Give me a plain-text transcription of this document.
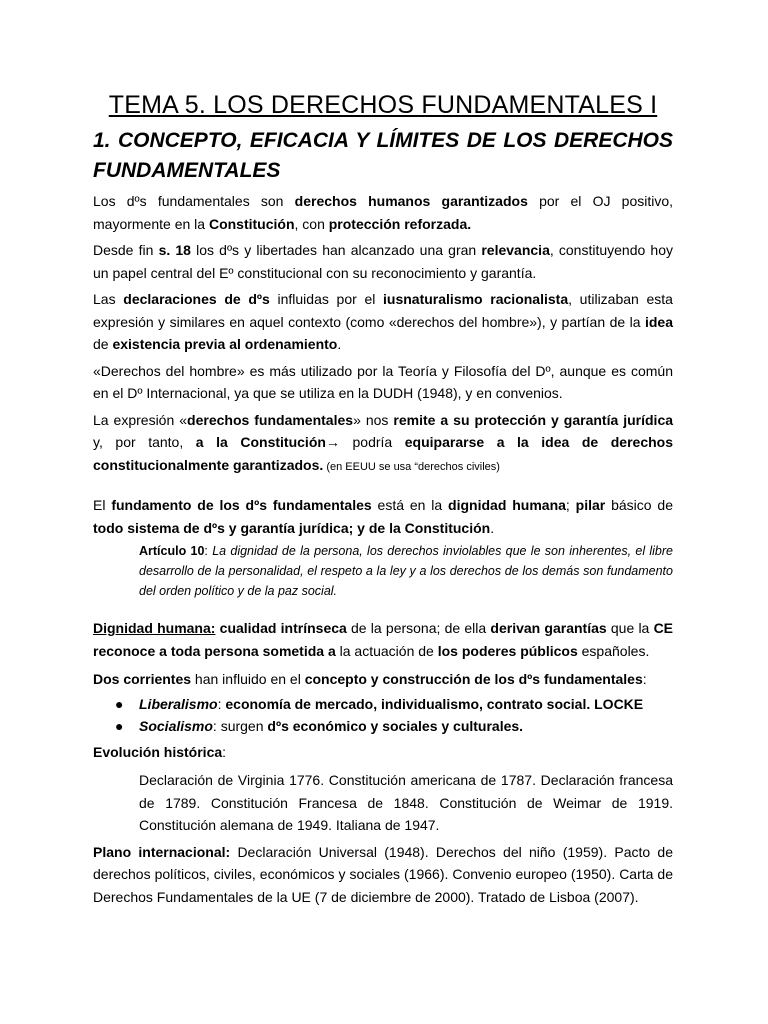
TEMA 5. LOS DERECHOS FUNDAMENTALES I
1. CONCEPTO, EFICACIA Y LÍMITES DE LOS DERECHOS FUNDAMENTALES

Los dºs fundamentales son derechos humanos garantizados por el OJ positivo, mayormente en la Constitución, con protección reforzada.

Desde fin s. 18 los dºs y libertades han alcanzado una gran relevancia, constituyendo hoy un papel central del Eº constitucional con su reconocimiento y garantía.

Las declaraciones de dºs influidas por el iusnaturalismo racionalista, utilizaban esta expresión y similares en aquel contexto (como «derechos del hombre»), y partían de la idea de existencia previa al ordenamiento.

«Derechos del hombre» es más utilizado por la Teoría y Filosofía del Dº, aunque es común en el Dº Internacional, ya que se utiliza en la DUDH (1948), y en convenios.

La expresión «derechos fundamentales» nos remite a su protección y garantía jurídica y, por tanto, a la Constitución→ podría equipararse a la idea de derechos constitucionalmente garantizados. (en EEUU se usa “derechos civiles)

El fundamento de los dºs fundamentales está en la dignidad humana; pilar básico de todo sistema de dºs y garantía jurídica; y de la Constitución.

Artículo 10: La dignidad de la persona, los derechos inviolables que le son inherentes, el libre desarrollo de la personalidad, el respeto a la ley y a los derechos de los demás son fundamento del orden político y de la paz social.

Dignidad humana: cualidad intrínseca de la persona; de ella derivan garantías que la CE reconoce a toda persona sometida a la actuación de los poderes públicos españoles.

Dos corrientes han influido en el concepto y construcción de los dºs fundamentales:

● Liberalismo: economía de mercado, individualismo, contrato social. LOCKE
● Socialismo: surgen dºs económico y sociales y culturales.

Evolución histórica:

Declaración de Virginia 1776. Constitución americana de 1787. Declaración francesa de 1789. Constitución Francesa de 1848. Constitución de Weimar de 1919. Constitución alemana de 1949. Italiana de 1947.

Plano internacional: Declaración Universal (1948). Derechos del niño (1959). Pacto de derechos políticos, civiles, económicos y sociales (1966). Convenio europeo (1950). Carta de Derechos Fundamentales de la UE (7 de diciembre de 2000). Tratado de Lisboa (2007).
